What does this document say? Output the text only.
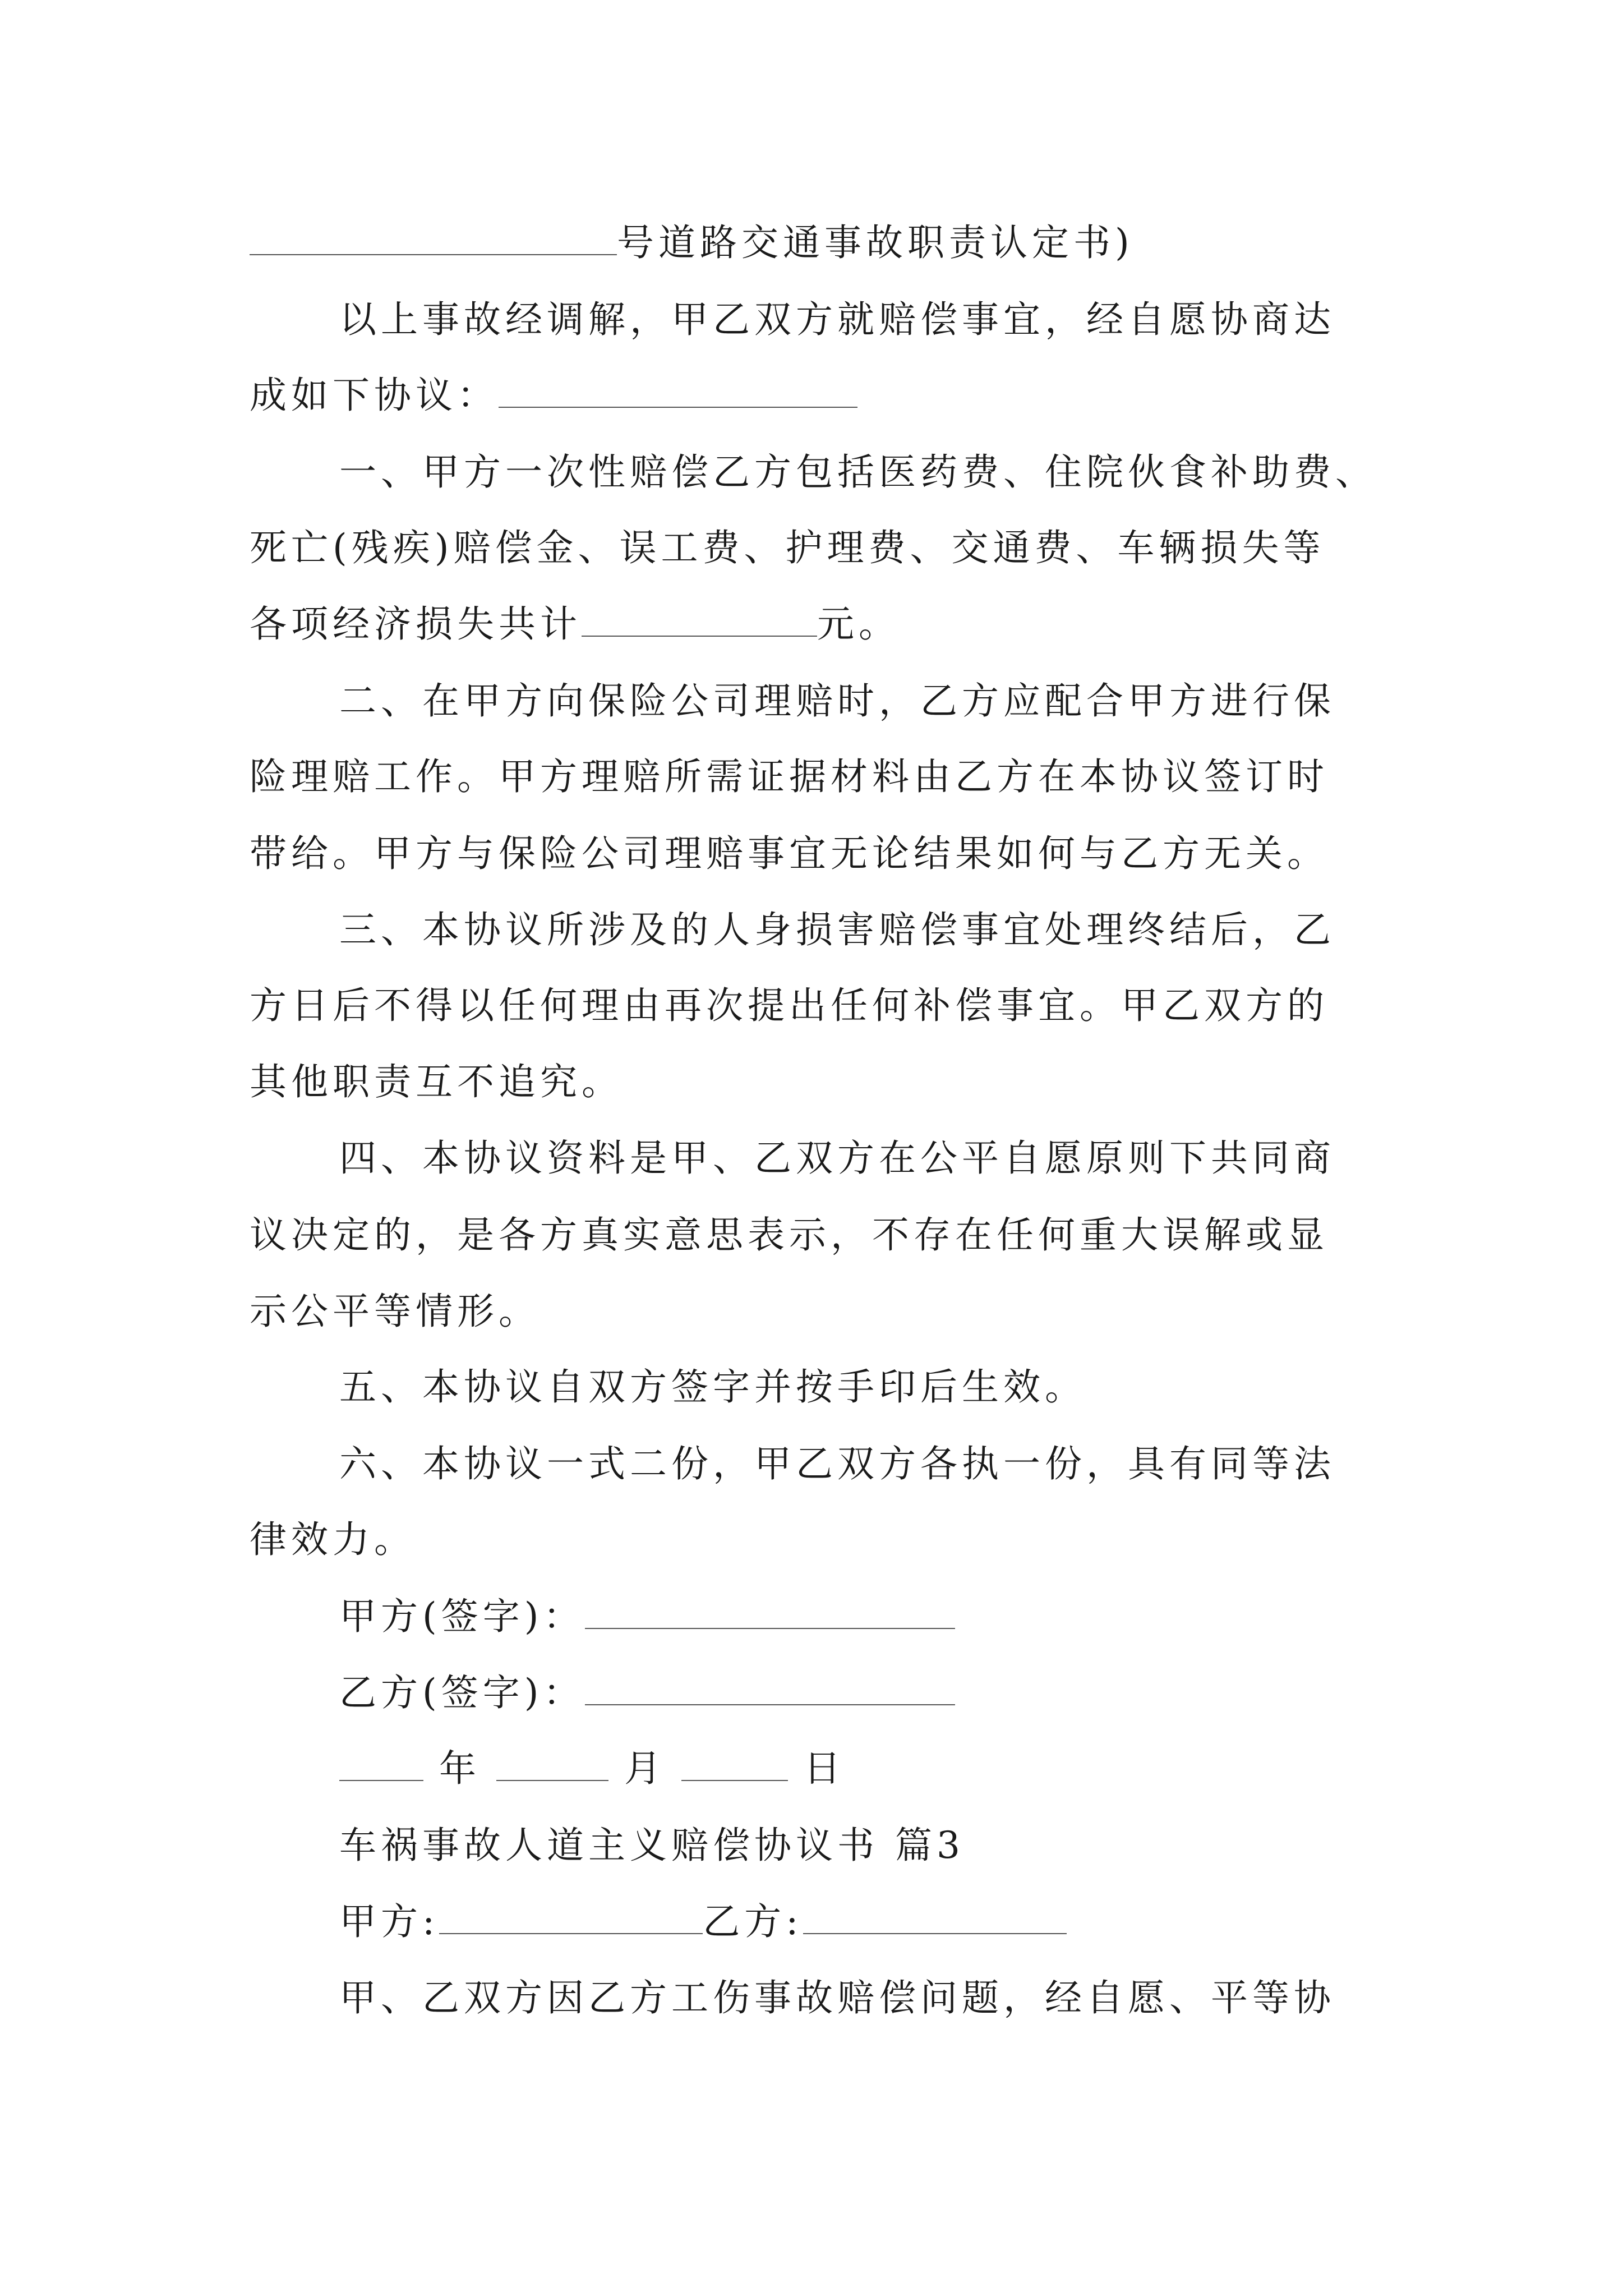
号道路交通事故职责认定书)
以上事故经调解，甲乙双方就赔偿事宜，经自愿协商达
成如下协议：
一、甲方一次性赔偿乙方包括医药费、住院伙食补助费、
死亡(残疾)赔偿金、误工费、护理费、交通费、车辆损失等
各项经济损失共计	元。
二、在甲方向保险公司理赔时，乙方应配合甲方进行保
险理赔工作。甲方理赔所需证据材料由乙方在本协议签订时
带给。甲方与保险公司理赔事宜无论结果如何与乙方无关。
三、本协议所涉及的人身损害赔偿事宜处理终结后，乙
方日后不得以任何理由再次提出任何补偿事宜。甲乙双方的
其他职责互不追究。
四、本协议资料是甲、乙双方在公平自愿原则下共同商
议决定的，是各方真实意思表示，不存在任何重大误解或显
示公平等情形。
五、本协议自双方签字并按手印后生效。
六、本协议一式二份，甲乙双方各执一份，具有同等法
律效力。
甲方(签字)：
乙方(签字)：
年	月	日
车祸事故人道主义赔偿协议书 篇3
甲方:	乙方:
甲、乙双方因乙方工伤事故赔偿问题，经自愿、平等协
